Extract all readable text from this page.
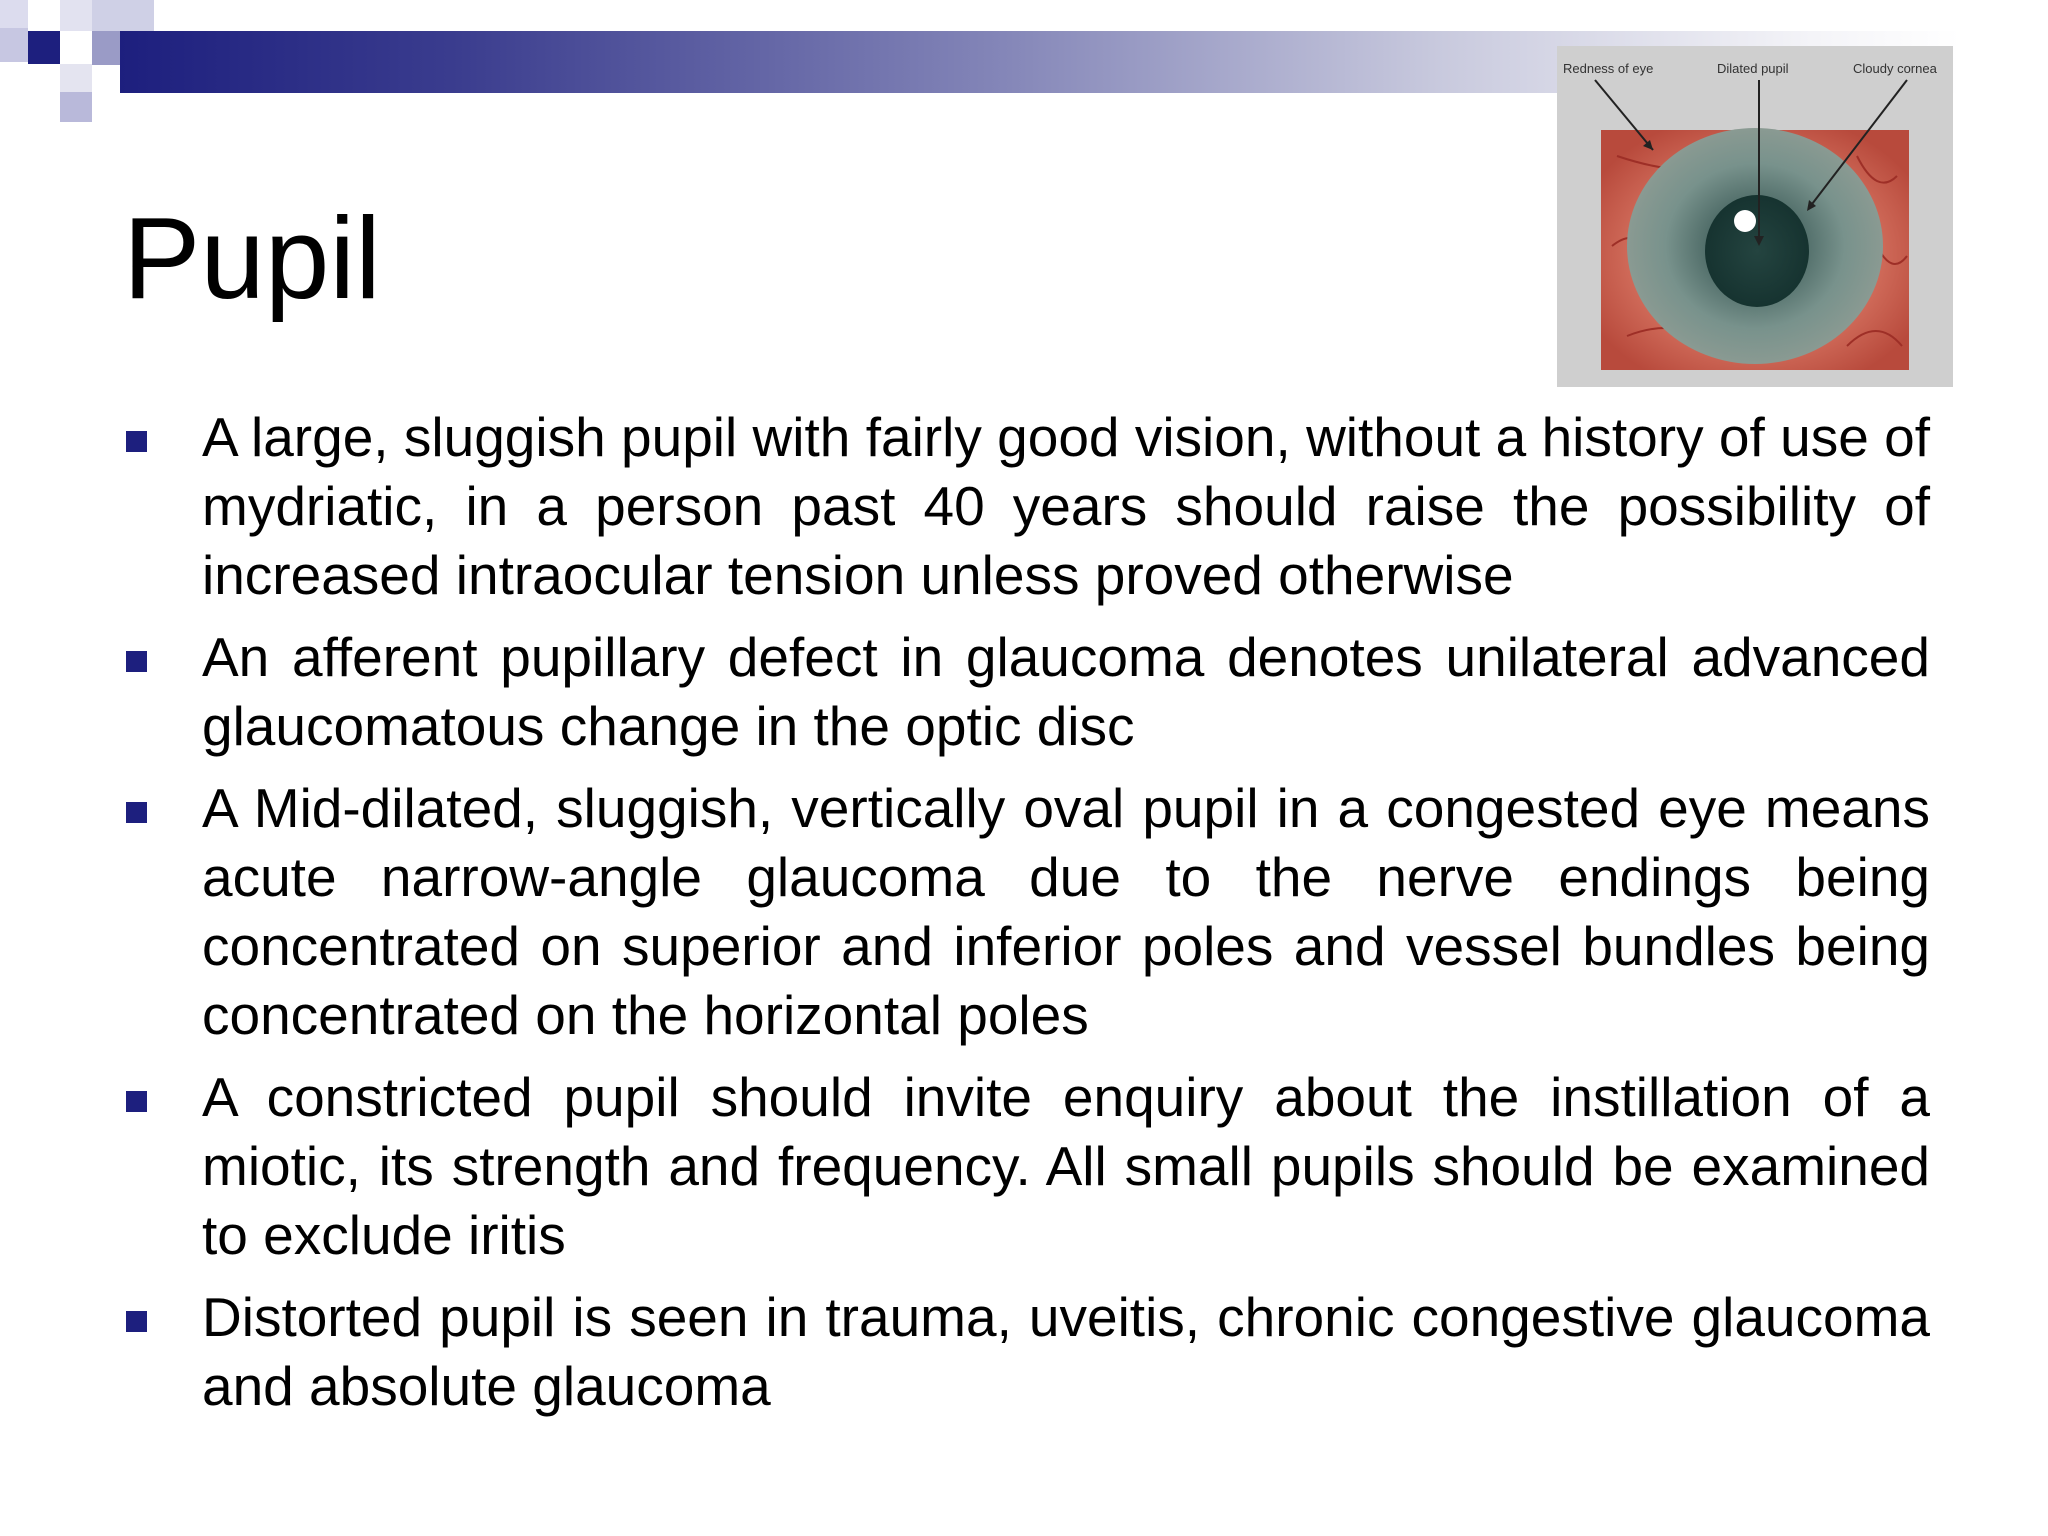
Pupil
Redness of eye	Dilated pupil	Cloudy cornea
A large, sluggish pupil with fairly good vision, without a history of use of mydriatic, in a person past 40 years should raise the possibility of increased intraocular tension unless proved otherwise
An afferent pupillary defect in glaucoma denotes unilateral advanced glaucomatous change in the optic disc
A Mid-dilated, sluggish, vertically oval pupil in a congested eye means acute narrow-angle glaucoma due to the nerve endings being concentrated on superior and inferior poles and vessel bundles being concentrated on the horizontal poles
A constricted pupil should invite enquiry about the instillation of a miotic, its strength and frequency. All small pupils should be examined to exclude iritis
Distorted pupil is seen in trauma, uveitis, chronic congestive glaucoma and absolute glaucoma
